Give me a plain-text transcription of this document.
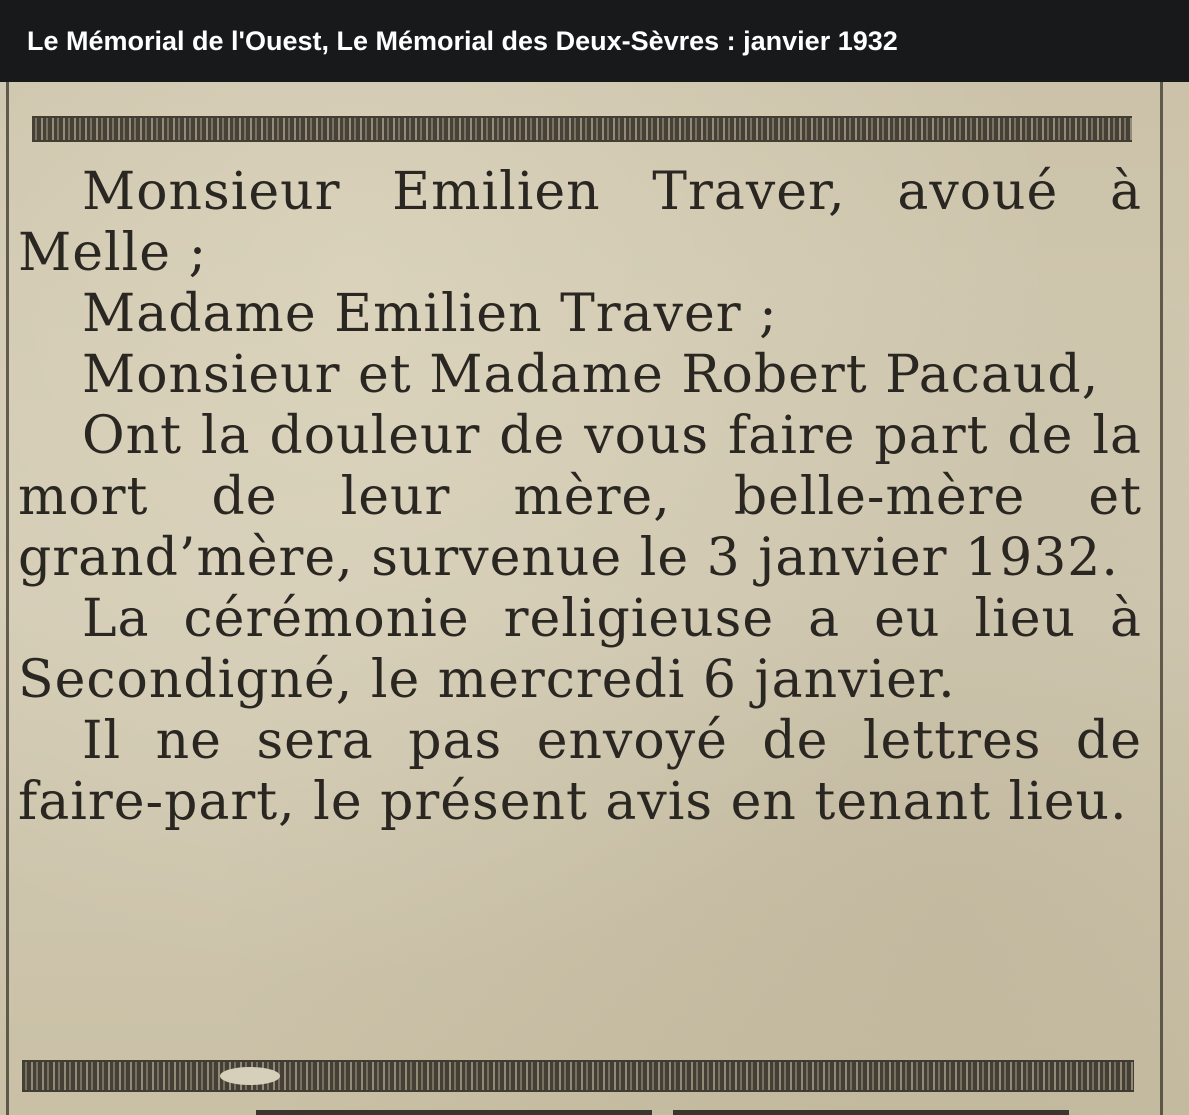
Le Mémorial de l'Ouest, Le Mémorial des Deux-Sèvres : janvier 1932

Monsieur Emilien Traver, avoué à Melle ;

Madame Emilien Traver ;

Monsieur et Madame Robert Pacaud,

Ont la douleur de vous faire part de la mort de leur mère, belle-mère et grand’mère, survenue le 3 janvier 1932.

La cérémonie religieuse a eu lieu à Secondigné, le mercredi 6 janvier.

Il ne sera pas envoyé de lettres de faire-part, le présent avis en tenant lieu.
